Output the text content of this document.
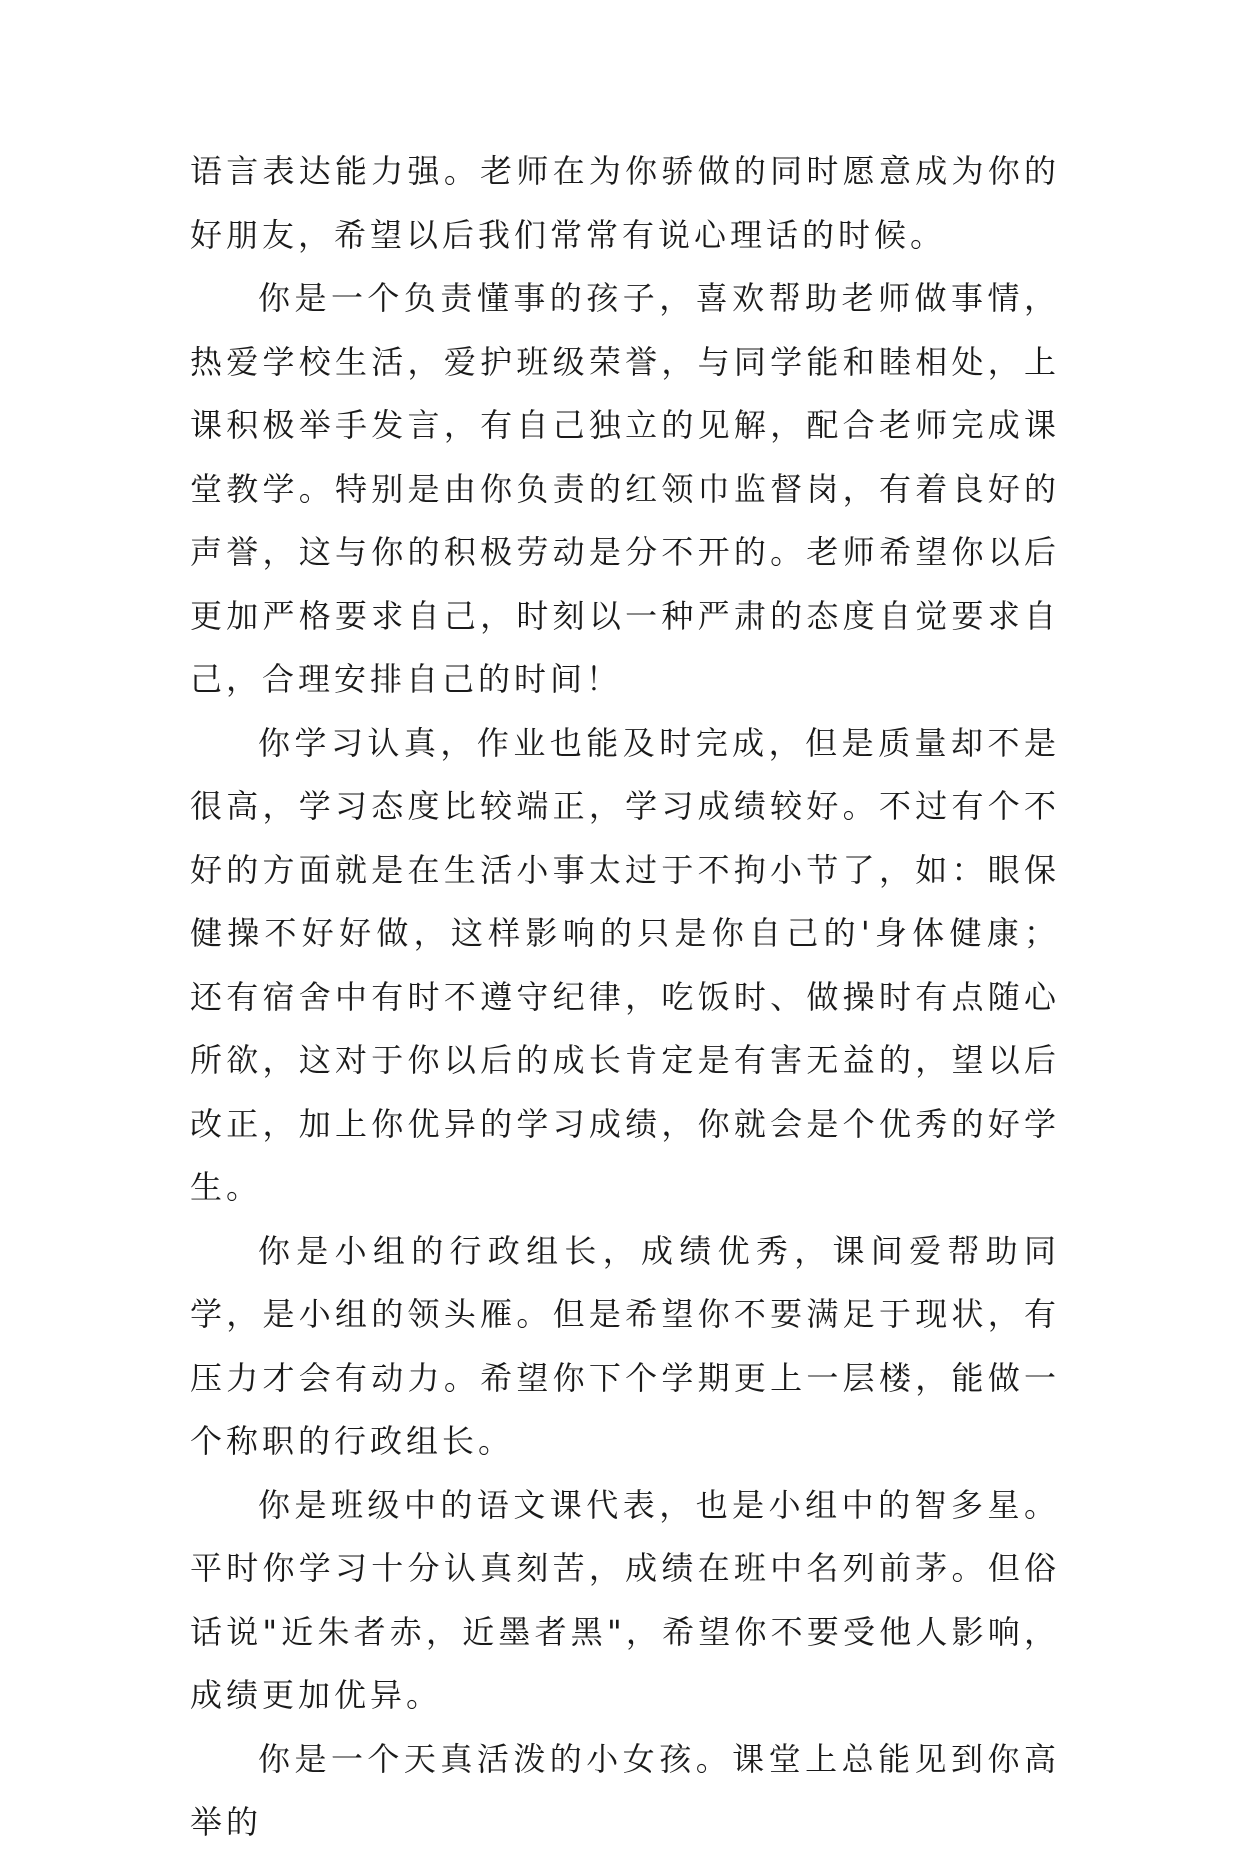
语言表达能力强。老师在为你骄做的同时愿意成为你的好朋友，希望以后我们常常有说心理话的时候。

你是一个负责懂事的孩子，喜欢帮助老师做事情，热爱学校生活，爱护班级荣誉，与同学能和睦相处，上课积极举手发言，有自己独立的见解，配合老师完成课堂教学。特别是由你负责的红领巾监督岗，有着良好的声誉，这与你的积极劳动是分不开的。老师希望你以后更加严格要求自己，时刻以一种严肃的态度自觉要求自己，合理安排自己的时间！

你学习认真，作业也能及时完成，但是质量却不是很高，学习态度比较端正，学习成绩较好。不过有个不好的方面就是在生活小事太过于不拘小节了，如：眼保健操不好好做，这样影响的只是你自己的'身体健康；还有宿舍中有时不遵守纪律，吃饭时、做操时有点随心所欲，这对于你以后的成长肯定是有害无益的，望以后改正，加上你优异的学习成绩，你就会是个优秀的好学生。

你是小组的行政组长，成绩优秀，课间爱帮助同学，是小组的领头雁。但是希望你不要满足于现状，有压力才会有动力。希望你下个学期更上一层楼，能做一个称职的行政组长。

你是班级中的语文课代表，也是小组中的智多星。平时你学习十分认真刻苦，成绩在班中名列前茅。但俗话说"近朱者赤，近墨者黑"，希望你不要受他人影响，成绩更加优异。

你是一个天真活泼的小女孩。课堂上总能见到你高举的
